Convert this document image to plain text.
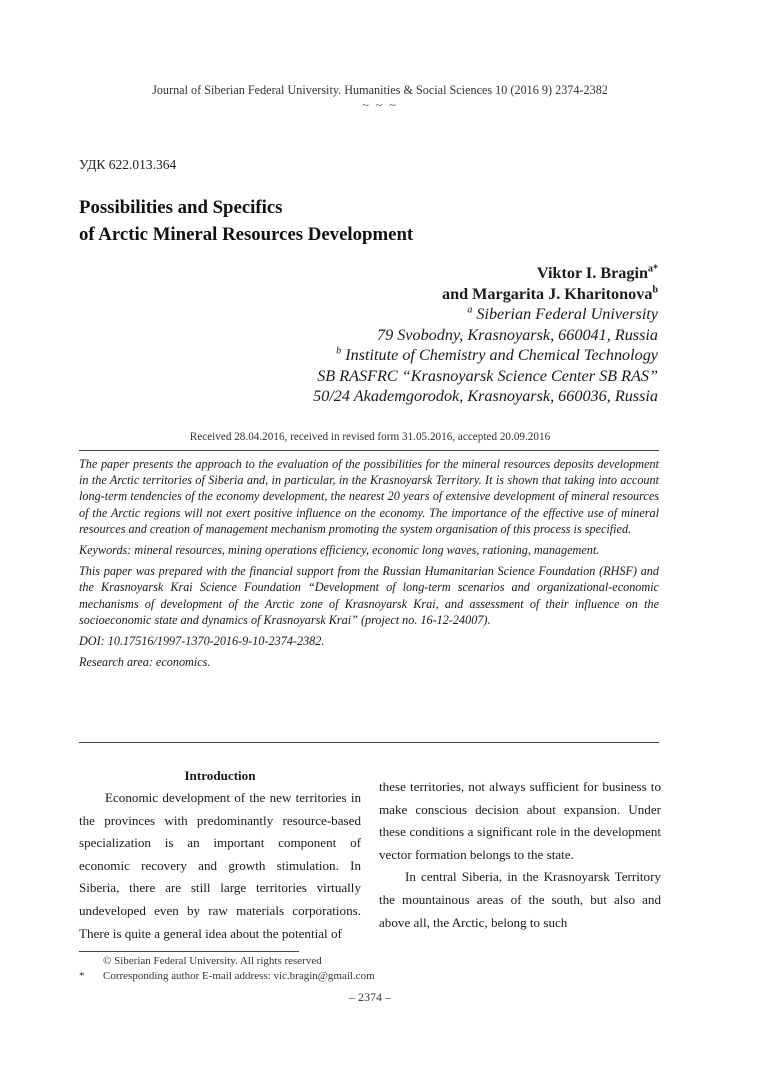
Journal of Siberian Federal University. Humanities & Social Sciences 10 (2016 9) 2374-2382
~ ~ ~
УДК 622.013.364
Possibilities and Specifics
of Arctic Mineral Resources Development
Viktor I. Bragin$^{a*}$
and Margarita J. Kharitonova$^b$
$^a$ Siberian Federal University
79 Svobodny, Krasnoyarsk, 660041, Russia
$^b$ Institute of Chemistry and Chemical Technology
SB RASFRC “Krasnoyarsk Science Center SB RAS”
50/24 Akademgorodok, Krasnoyarsk, 660036, Russia
Received 28.04.2016, received in revised form 31.05.2016, accepted 20.09.2016

The paper presents the approach to the evaluation of the possibilities for the mineral resources deposits development in the Arctic territories of Siberia and, in particular, in the Krasnoyarsk Territory. It is shown that taking into account long-term tendencies of the economy development, the nearest 20 years of extensive development of mineral resources of the Arctic regions will not exert positive influence on the economy. The importance of the effective use of mineral resources and creation of management mechanism promoting the system organisation of this process is specified.

Keywords: mineral resources, mining operations efficiency, economic long waves, rationing, management.

This paper was prepared with the financial support from the Russian Humanitarian Science Foundation (RHSF) and the Krasnoyarsk Krai Science Foundation “Development of long-term scenarios and organizational-economic mechanisms of development of the Arctic zone of Krasnoyarsk Krai, and assessment of their influence on the socioeconomic state and dynamics of Krasnoyarsk Krai” (project no. 16-12-24007).

DOI: 10.17516/1997-1370-2016-9-10-2374-2382.

Research area: economics.

Introduction

Economic development of the new territories in the provinces with predominantly resource-based specialization is an important component of economic recovery and growth stimulation. In Siberia, there are still large territories virtually undeveloped even by raw materials corporations. There is quite a general idea about the potential of

these territories, not always sufficient for business to make conscious decision about expansion. Under these conditions a significant role in the development vector formation belongs to the state.

In central Siberia, in the Krasnoyarsk Territory the mountainous areas of the south, but also and above all, the Arctic, belong to such

© Siberian Federal University. All rights reserved
* Corresponding author E-mail address: vic.bragin@gmail.com
– 2374 –
